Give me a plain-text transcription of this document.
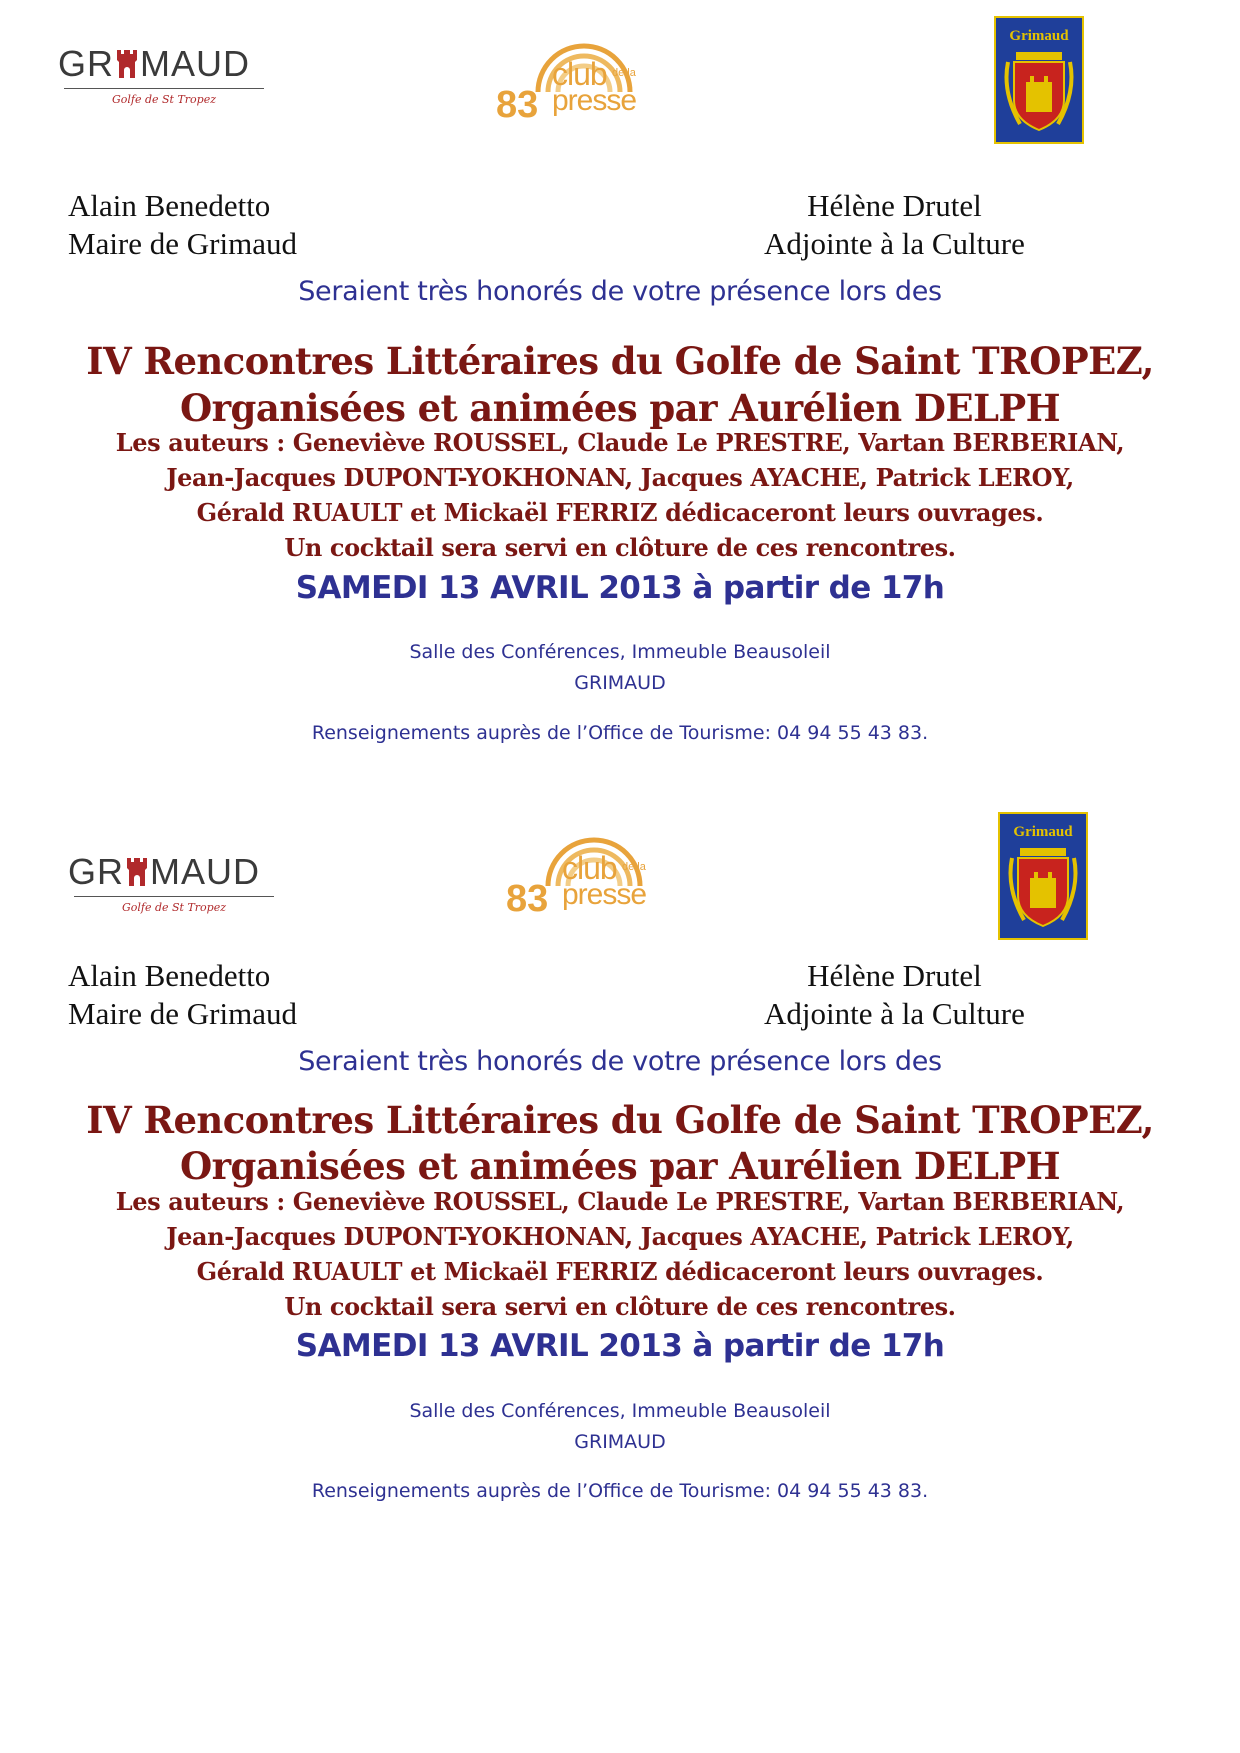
GR MAUD
Golfe de St Tropez
club de la
83 presse
Grimaud
Alain Benedetto
Maire de Grimaud
Hélène Drutel
Adjointe à la Culture
Seraient très honorés de votre présence lors des
IV Rencontres Littéraires du Golfe de Saint TROPEZ,
Organisées et animées par Aurélien DELPH
Les auteurs : Geneviève ROUSSEL, Claude Le PRESTRE, Vartan BERBERIAN,
Jean-Jacques DUPONT-YOKHONAN, Jacques AYACHE, Patrick LEROY,
Gérald RUAULT et Mickaël FERRIZ dédicaceront leurs ouvrages.
Un cocktail sera servi en clôture de ces rencontres.
SAMEDI 13 AVRIL 2013 à partir de 17h
Salle des Conférences, Immeuble Beausoleil
GRIMAUD
Renseignements auprès de l’Office de Tourisme: 04 94 55 43 83.
GR MAUD
Golfe de St Tropez
club de la
83 presse
Grimaud
Alain Benedetto
Maire de Grimaud
Hélène Drutel
Adjointe à la Culture
Seraient très honorés de votre présence lors des
IV Rencontres Littéraires du Golfe de Saint TROPEZ,
Organisées et animées par Aurélien DELPH
Les auteurs : Geneviève ROUSSEL, Claude Le PRESTRE, Vartan BERBERIAN,
Jean-Jacques DUPONT-YOKHONAN, Jacques AYACHE, Patrick LEROY,
Gérald RUAULT et Mickaël FERRIZ dédicaceront leurs ouvrages.
Un cocktail sera servi en clôture de ces rencontres.
SAMEDI 13 AVRIL 2013 à partir de 17h
Salle des Conférences, Immeuble Beausoleil
GRIMAUD
Renseignements auprès de l’Office de Tourisme: 04 94 55 43 83.
